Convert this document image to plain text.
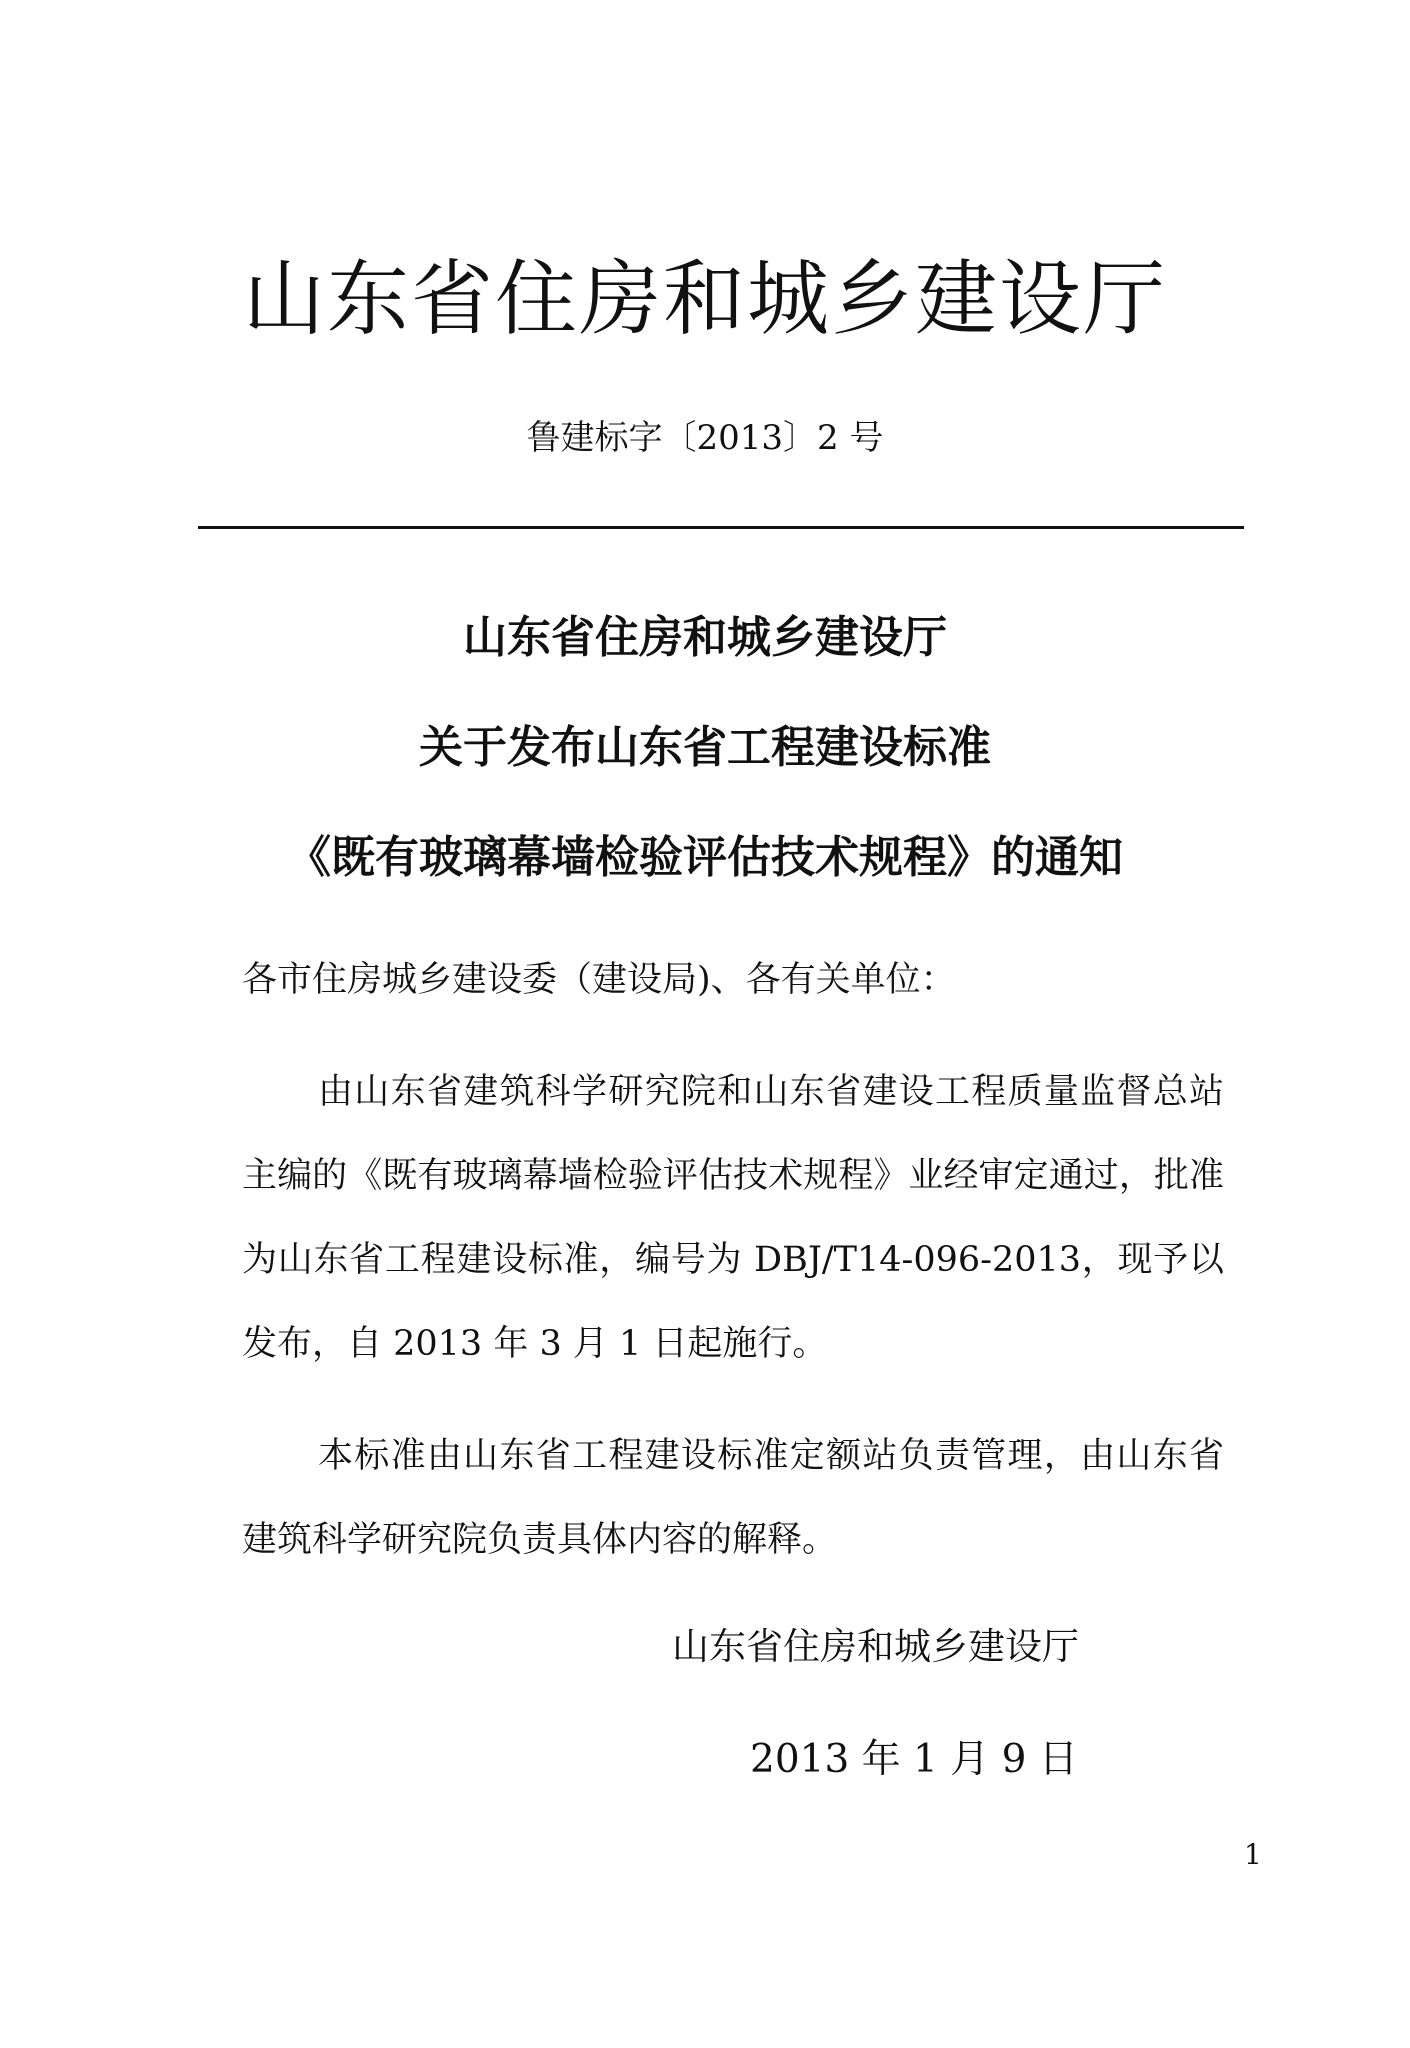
山东省住房和城乡建设厅
鲁建标字〔2013〕2 号
山东省住房和城乡建设厅
关于发布山东省工程建设标准
《既有玻璃幕墙检验评估技术规程》的通知
各市住房城乡建设委（建设局)、各有关单位：
由山东省建筑科学研究院和山东省建设工程质量监督总站主编的《既有玻璃幕墙检验评估技术规程》业经审定通过，批准为山东省工程建设标准，编号为 DBJ/T14-096-2013，现予以发布，自 2013 年 3 月 1 日起施行。
本标准由山东省工程建设标准定额站负责管理，由山东省建筑科学研究院负责具体内容的解释。
山东省住房和城乡建设厅
2013 年 1 月 9 日
1
